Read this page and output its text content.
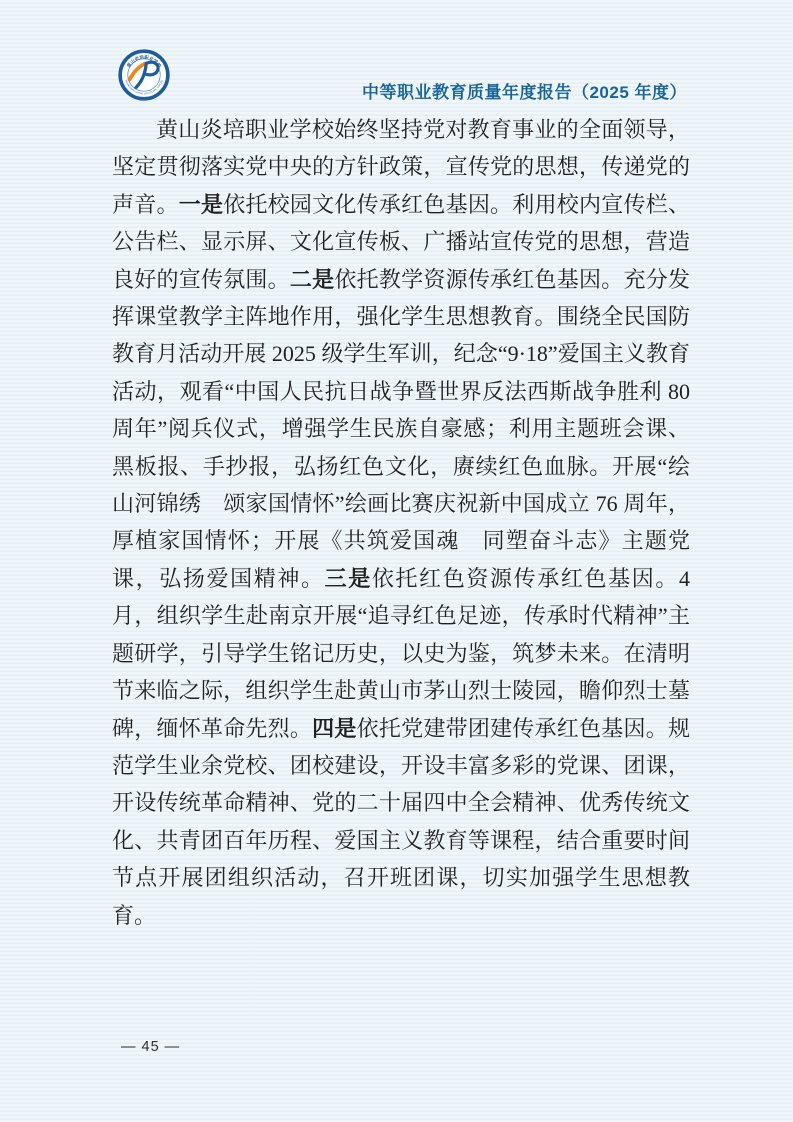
黄山炎培职业学校
HUANGSHAN YANPEI VOCATIONAL SCHOOL
中等职业教育质量年度报告（2025 年度）

黄山炎培职业学校始终坚持党对教育事业的全面领导，坚定贯彻落实党中央的方针政策，宣传党的思想，传递党的声音。一是依托校园文化传承红色基因。利用校内宣传栏、公告栏、显示屏、文化宣传板、广播站宣传党的思想，营造良好的宣传氛围。二是依托教学资源传承红色基因。充分发挥课堂教学主阵地作用，强化学生思想教育。围绕全民国防教育月活动开展 2025 级学生军训，纪念“9·18”爱国主义教育活动，观看“中国人民抗日战争暨世界反法西斯战争胜利 80 周年”阅兵仪式，增强学生民族自豪感；利用主题班会课、黑板报、手抄报，弘扬红色文化，赓续红色血脉。开展“绘山河锦绣　颂家国情怀”绘画比赛庆祝新中国成立 76 周年，厚植家国情怀；开展《共筑爱国魂　同塑奋斗志》主题党课，弘扬爱国精神。三是依托红色资源传承红色基因。4 月，组织学生赴南京开展“追寻红色足迹，传承时代精神”主题研学，引导学生铭记历史，以史为鉴，筑梦未来。在清明节来临之际，组织学生赴黄山市茅山烈士陵园，瞻仰烈士墓碑，缅怀革命先烈。四是依托党建带团建传承红色基因。规范学生业余党校、团校建设，开设丰富多彩的党课、团课，开设传统革命精神、党的二十届四中全会精神、优秀传统文化、共青团百年历程、爱国主义教育等课程，结合重要时间节点开展团组织活动，召开班团课，切实加强学生思想教育。

— 45 —
